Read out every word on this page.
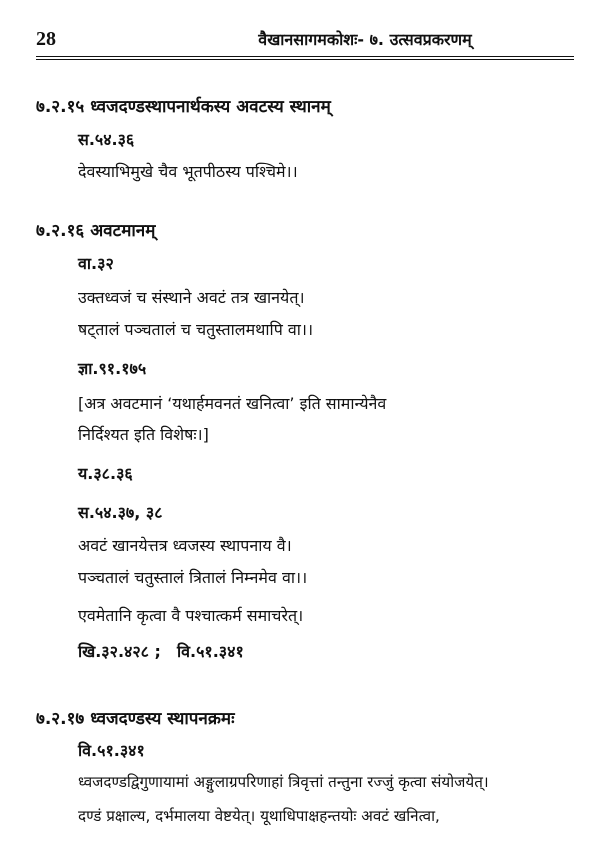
28	वैखानसागमकोशः- ७. उत्सवप्रकरणम्
७.२.१५ ध्वजदण्डस्थापनार्थकस्य अवटस्य स्थानम्
स.५४.३६
देवस्याभिमुखे चैव भूतपीठस्य पश्चिमे।।
७.२.१६ अवटमानम्
वा.३२
उक्तध्वजं च संस्थाने अवटं तत्र खानयेत्।
षट्तालं पञ्चतालं च चतुस्तालमथापि वा।।
ज्ञा.९१.१७५
[अत्र अवटमानं ‘यथार्हमवनतं खनित्वा’ इति सामान्येनैव
निर्दिश्यत इति विशेषः।]
य.३८.३६
स.५४.३७, ३८
अवटं खानयेत्तत्र ध्वजस्य स्थापनाय वै।
पञ्चतालं चतुस्तालं त्रितालं निम्नमेव वा।।
एवमेतानि कृत्वा वै पश्चात्कर्म समाचरेत्।
खि.३२.४२८ ; वि.५१.३४१
७.२.१७ ध्वजदण्डस्य स्थापनक्रमः
वि.५१.३४१
ध्वजदण्डद्विगुणायामां अङ्गुलाग्रपरिणाहां त्रिवृत्तां तन्तुना रज्जुं कृत्वा संयोजयेत्।
दण्डं प्रक्षाल्य, दर्भमालया वेष्टयेत्। यूथाधिपाक्षहन्तयोः अवटं खनित्वा,
